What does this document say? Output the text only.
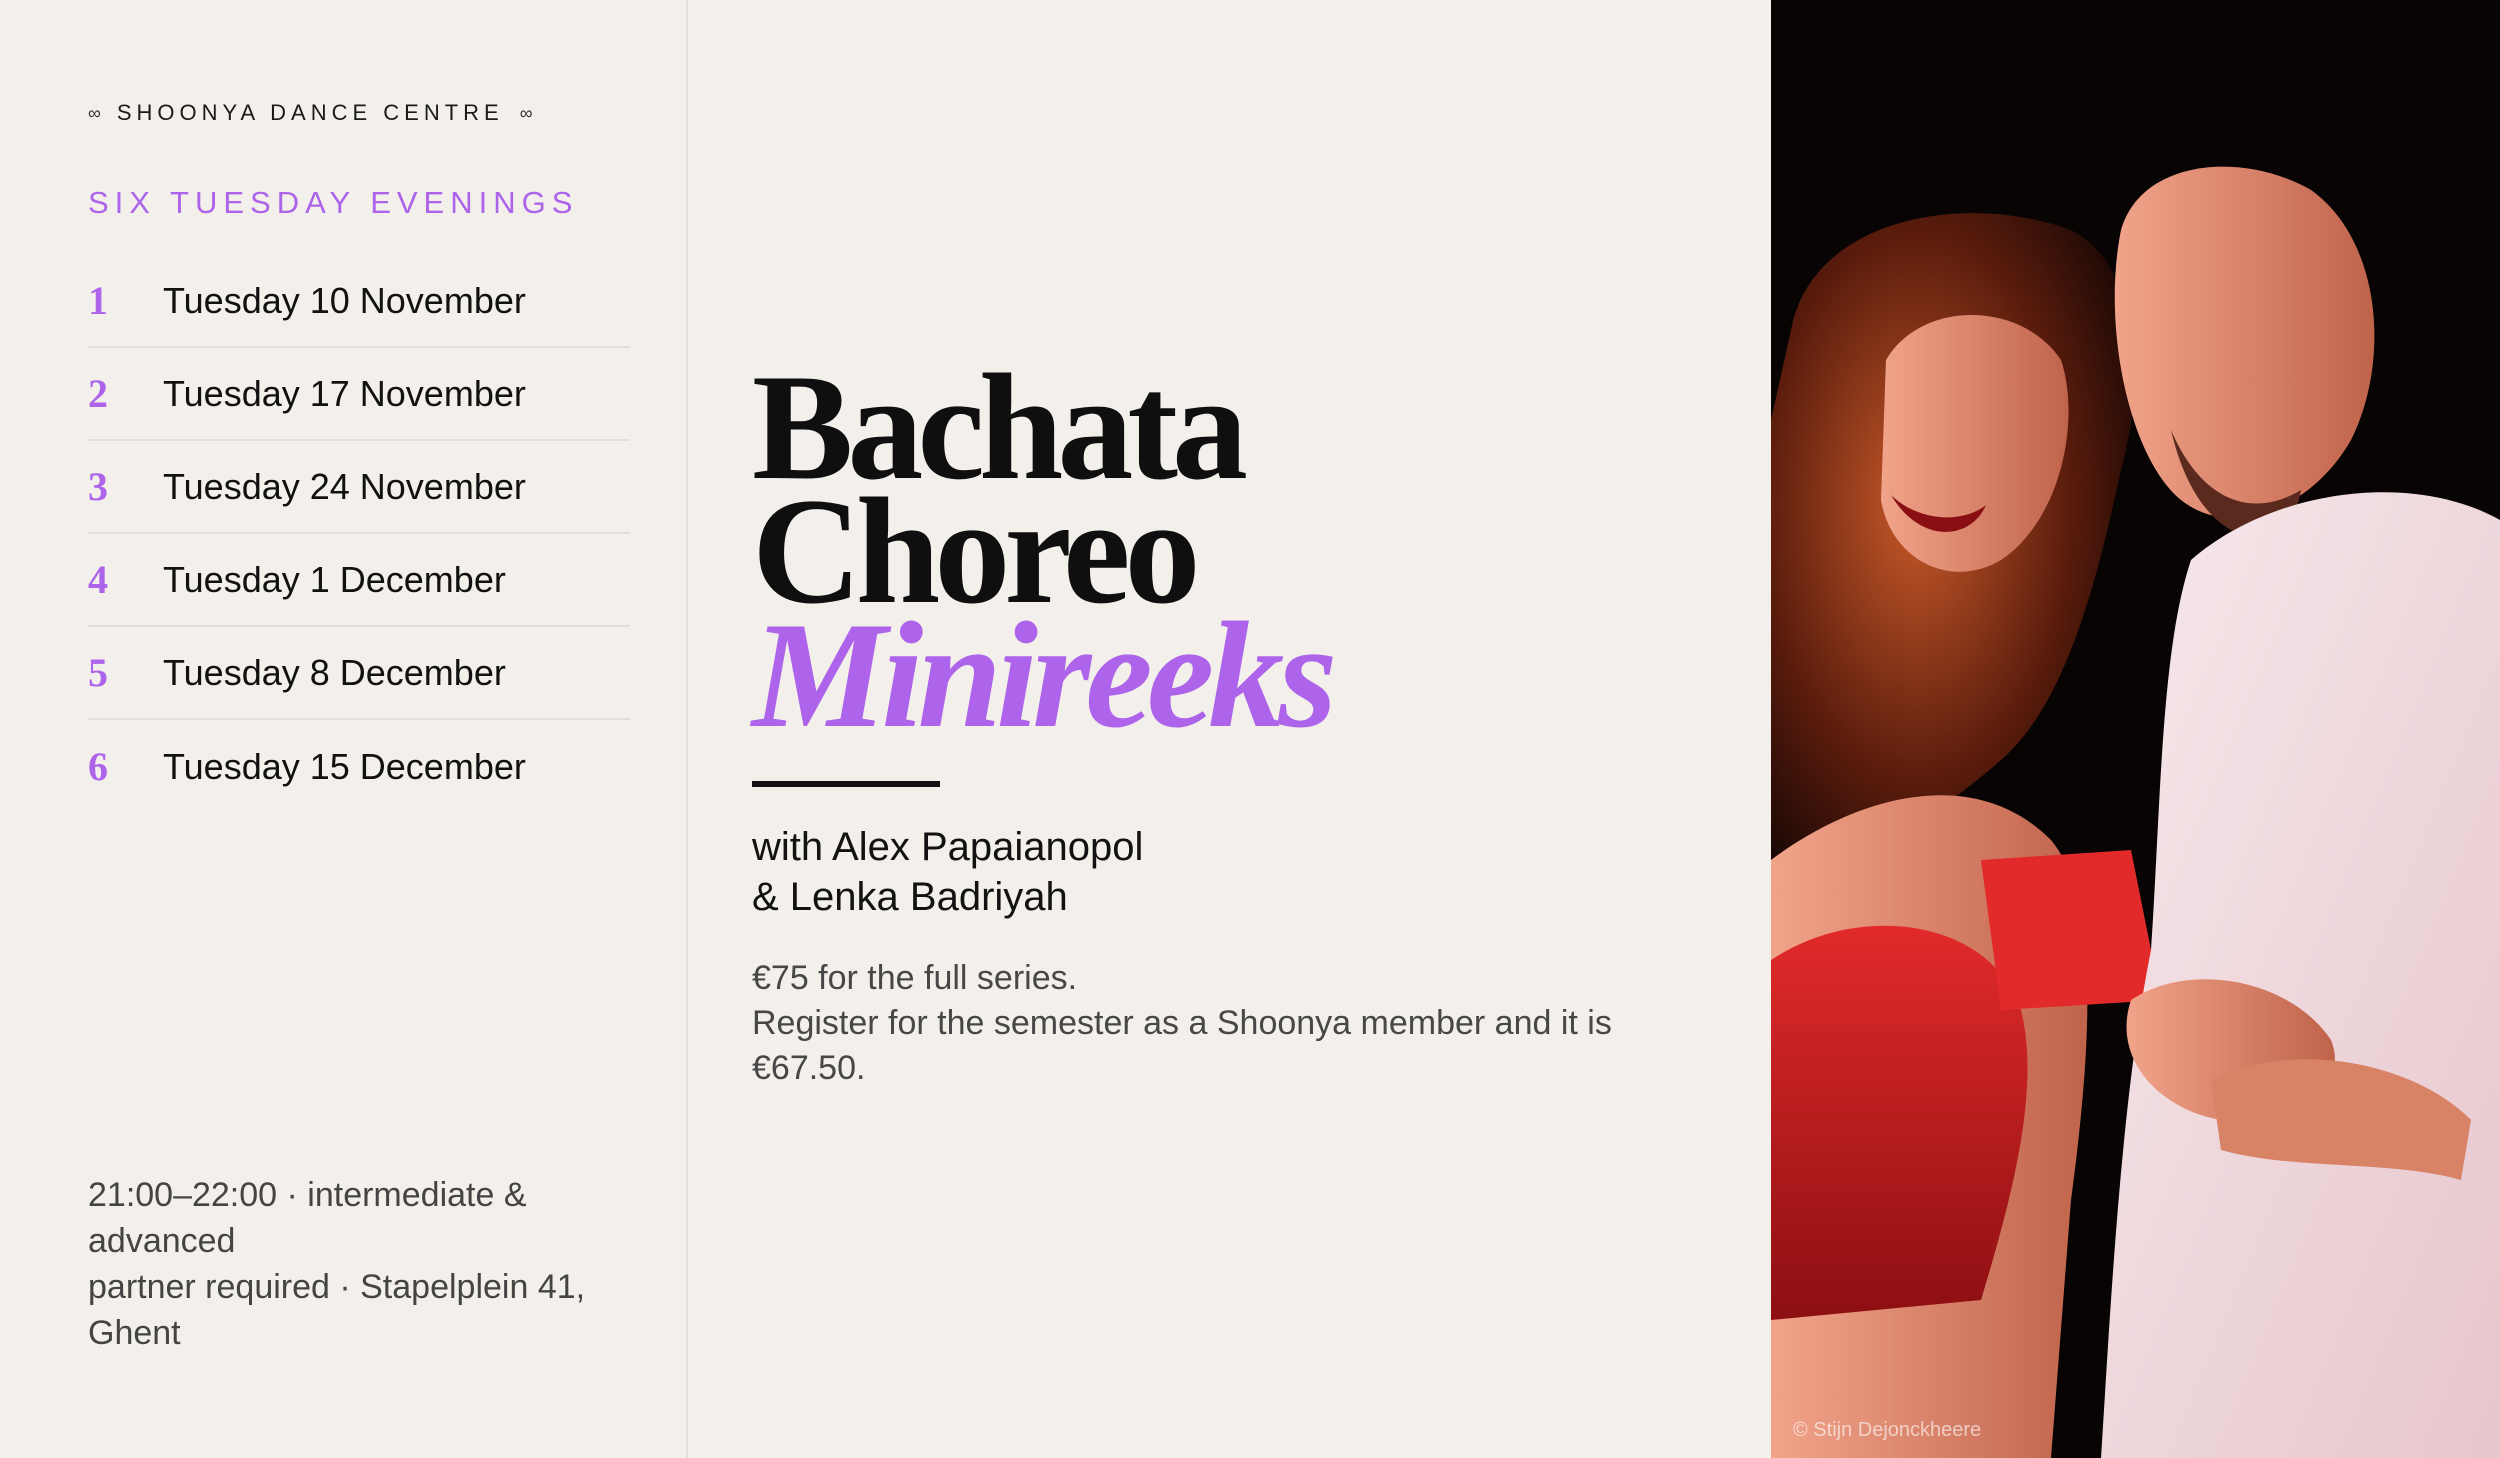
∞ SHOONYA DANCE CENTRE ∞
SIX TUESDAY EVENINGS
1	Tuesday 10 November
2	Tuesday 17 November
3	Tuesday 24 November
4	Tuesday 1 December
5	Tuesday 8 December
6	Tuesday 15 December
21:00–22:00 · intermediate & advanced
partner required · Stapelplein 41, Ghent
Bachata
Choreo
Minireeks
with Alex Papaianopol
& Lenka Badriyah
€75 for the full series.
Register for the semester as a Shoonya member and it is €67.50.
© Stijn Dejonckheere
